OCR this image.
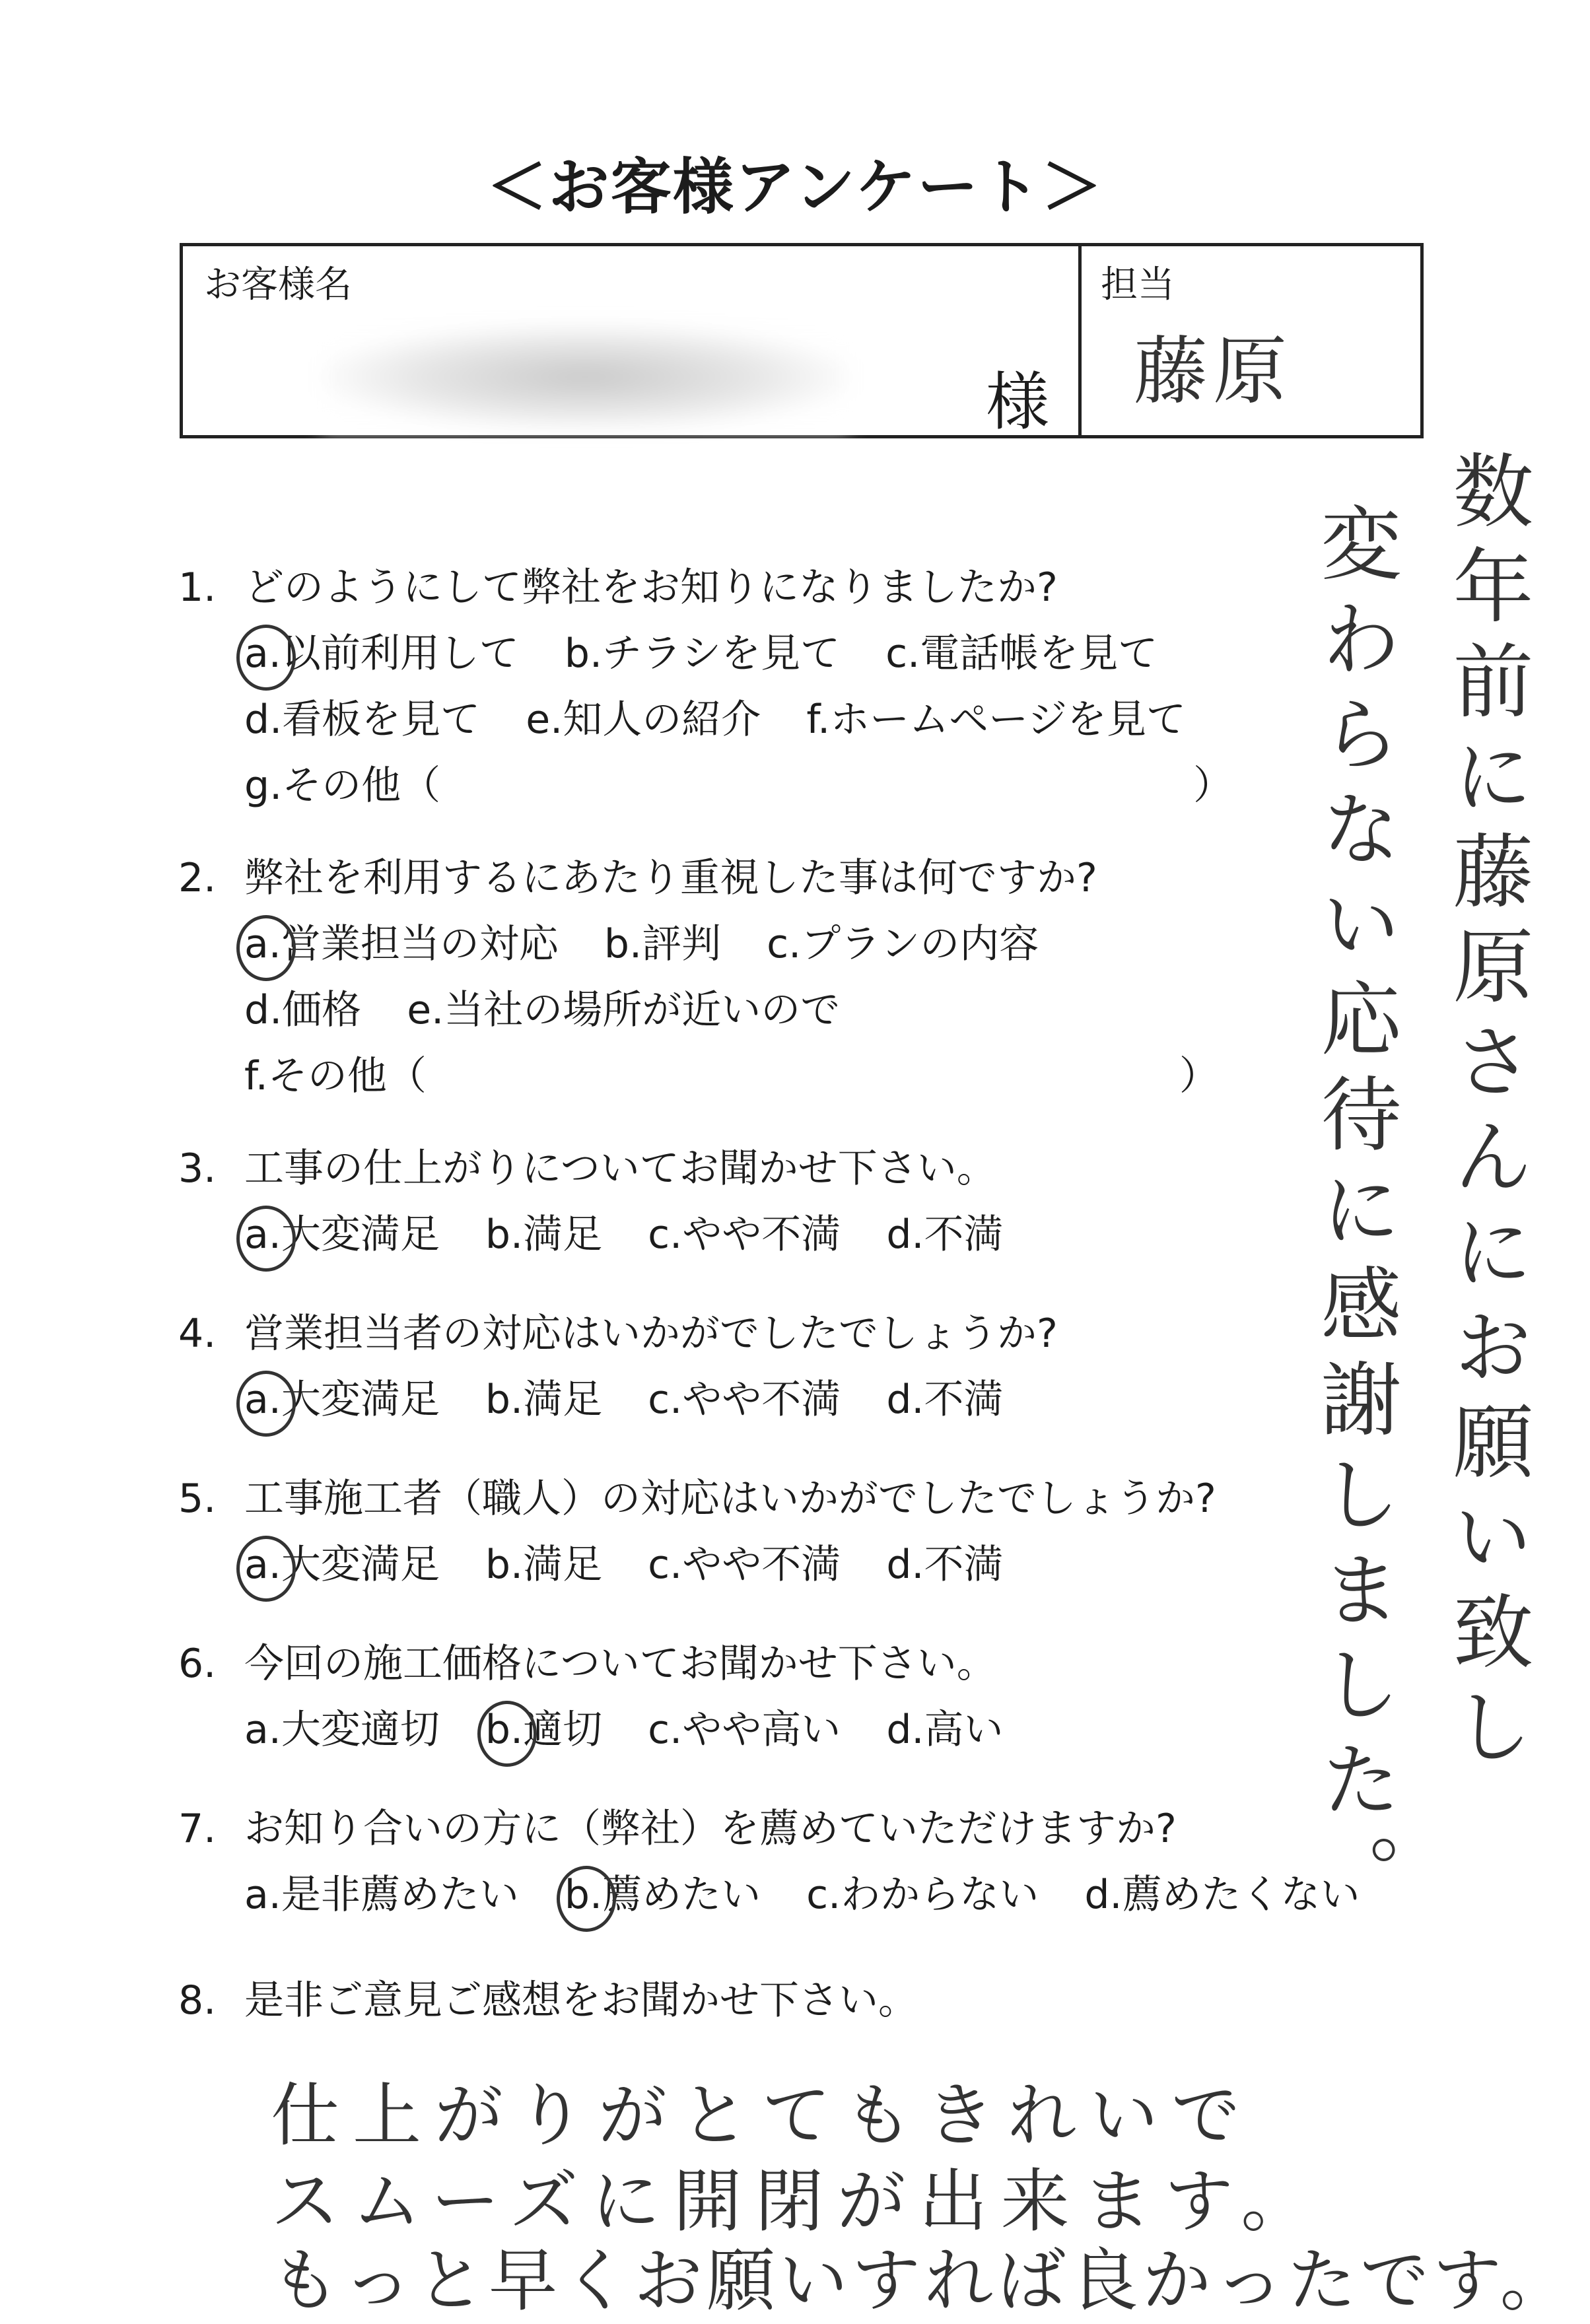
＜お客様アンケート＞
お客様名
様
担当
藤原
1. どのようにして弊社をお知りになりましたか?
a.以前利用して b.チラシを見て c.電話帳を見て
d.看板を見て e.知人の紹介 f.ホームページを見て
g.その他（	）
2. 弊社を利用するにあたり重視した事は何ですか?
a.営業担当の対応 b.評判 c.プランの内容
d.価格 e.当社の場所が近いので
f.その他（	）
3. 工事の仕上がりについてお聞かせ下さい。
a.大変満足 b.満足 c.やや不満 d.不満
4. 営業担当者の対応はいかがでしたでしょうか?
a.大変満足 b.満足 c.やや不満 d.不満
5. 工事施工者（職人）の対応はいかがでしたでしょうか?
a.大変満足 b.満足 c.やや不満 d.不満
6. 今回の施工価格についてお聞かせ下さい。
a.大変適切 b.適切 c.やや高い d.高い
7. お知り合いの方に（弊社）を薦めていただけますか?
a.是非薦めたい b.薦めたい c.わからない d.薦めたくない
8. 是非ご意見ご感想をお聞かせ下さい。
数年前に藤原さんにお願い致し
変わらない応待に感謝しました。
仕上がりがとてもきれいで
スムーズに開閉が出来ます。
もっと早くお願いすれば良かったです。
